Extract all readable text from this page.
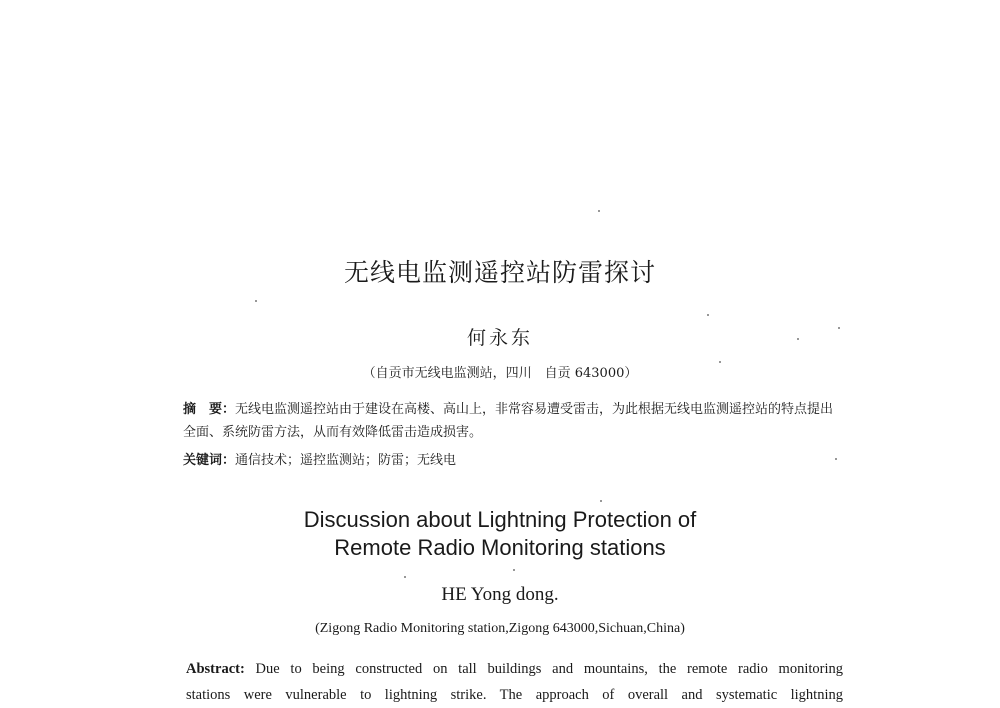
无线电监测遥控站防雷探讨
何永东
（自贡市无线电监测站，四川　自贡 643000）
摘　要：无线电监测遥控站由于建设在高楼、高山上，非常容易遭受雷击，为此根据无线电监测遥控站的特点提出全面、系统防雷方法，从而有效降低雷击造成损害。
关键词：通信技术；遥控监测站；防雷；无线电
Discussion about Lightning Protection of
Remote Radio Monitoring stations
HE Yong dong.
(Zigong Radio Monitoring station,Zigong 643000,Sichuan,China)
Abstract: Due to being constructed on tall buildings and mountains, the remote radio monitoring
stations were vulnerable to lightning strike. The approach of overall and systematic lightning
